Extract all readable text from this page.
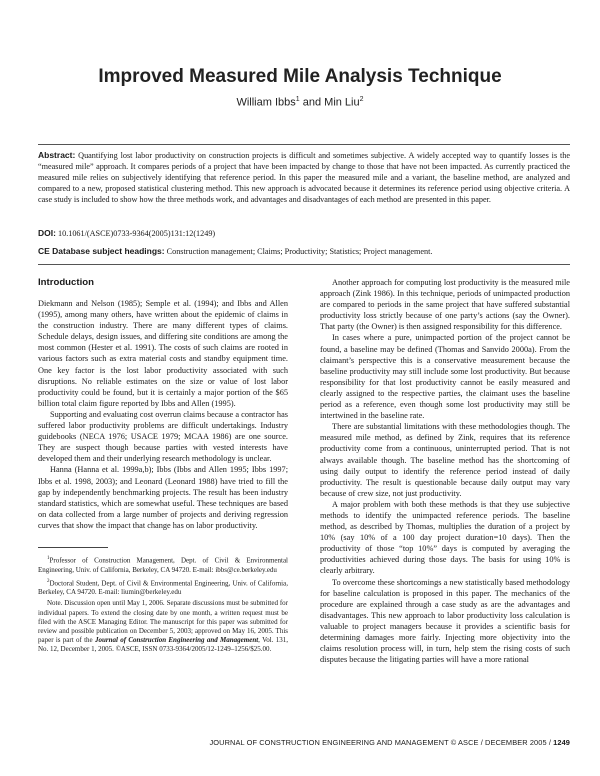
Improved Measured Mile Analysis Technique
William Ibbs$^1$ and Min Liu$^2$
Abstract: Quantifying lost labor productivity on construction projects is difficult and sometimes subjective. A widely accepted way to quantify losses is the “measured mile” approach. It compares periods of a project that have been impacted by change to those that have not been impacted. As currently practiced the measured mile relies on subjectively identifying that reference period. In this paper the measured mile and a variant, the baseline method, are analyzed and compared to a new, proposed statistical clustering method. This new approach is advocated because it determines its reference period using objective criteria. A case study is included to show how the three methods work, and advantages and disadvantages of each method are presented in this paper.
DOI: 10.1061/(ASCE)0733-9364(2005)131:12(1249)
CE Database subject headings: Construction management; Claims; Productivity; Statistics; Project management.
Introduction

Diekmann and Nelson (1985); Semple et al. (1994); and Ibbs and Allen (1995), among many others, have written about the epidemic of claims in the construction industry. There are many different types of claims. Schedule delays, design issues, and differing site conditions are among the most common (Hester et al. 1991). The costs of such claims are rooted in various factors such as extra material costs and standby equipment time. One key factor is the lost labor productivity associated with such disruptions. No reliable estimates on the size or value of lost labor productivity could be found, but it is certainly a major portion of the $65 billion total claim figure reported by Ibbs and Allen (1995).

Supporting and evaluating cost overrun claims because a contractor has suffered labor productivity problems are difficult undertakings. Industry guidebooks (NECA 1976; USACE 1979; MCAA 1986) are one source. They are suspect though because parties with vested interests have developed them and their underlying research methodology is unclear.

Hanna (Hanna et al. 1999a,b); Ibbs (Ibbs and Allen 1995; Ibbs 1997; Ibbs et al. 1998, 2003); and Leonard (Leonard 1988) have tried to fill the gap by independently benchmarking projects. The result has been industry standard statistics, which are somewhat useful. These techniques are based on data collected from a large number of projects and deriving regression curves that show the impact that change has on labor productivity.

$^1$Professor of Construction Management, Dept. of Civil & Environmental Engineering, Univ. of California, Berkeley, CA 94720. E-mail: ibbs@ce.berkeley.edu

$^2$Doctoral Student, Dept. of Civil & Environmental Engineering, Univ. of California, Berkeley, CA 94720. E-mail: liumin@berkeley.edu

Note. Discussion open until May 1, 2006. Separate discussions must be submitted for individual papers. To extend the closing date by one month, a written request must be filed with the ASCE Managing Editor. The manuscript for this paper was submitted for review and possible publication on December 5, 2003; approved on May 16, 2005. This paper is part of the Journal of Construction Engineering and Management, Vol. 131, No. 12, December 1, 2005. ©ASCE, ISSN 0733-9364/2005/12-1249–1256/$25.00.

Another approach for computing lost productivity is the measured mile approach (Zink 1986). In this technique, periods of unimpacted production are compared to periods in the same project that have suffered substantial productivity loss strictly because of one party’s actions (say the Owner). That party (the Owner) is then assigned responsibility for this difference.

In cases where a pure, unimpacted portion of the project cannot be found, a baseline may be defined (Thomas and Sanvido 2000a). From the claimant’s perspective this is a conservative measurement because the baseline productivity may still include some lost productivity. But because responsibility for that lost productivity cannot be easily measured and clearly assigned to the respective parties, the claimant uses the baseline period as a reference, even though some lost productivity may still be intertwined in the baseline rate.

There are substantial limitations with these methodologies though. The measured mile method, as defined by Zink, requires that its reference productivity come from a continuous, uninterrupted period. That is not always available though. The baseline method has the shortcoming of using daily output to identify the reference period instead of daily productivity. The result is questionable because daily output may vary because of crew size, not just productivity.

A major problem with both these methods is that they use subjective methods to identify the unimpacted reference periods. The baseline method, as described by Thomas, multiplies the duration of a project by 10% (say 10% of a 100 day project duration=10 days). Then the productivity of those “top 10%” days is computed by averaging the productivities achieved during those days. The basis for using 10% is clearly arbitrary.

To overcome these shortcomings a new statistically based methodology for baseline calculation is proposed in this paper. The mechanics of the procedure are explained through a case study as are the advantages and disadvantages. This new approach to labor productivity loss calculation is valuable to project managers because it provides a scientific basis for determining damages more fairly. Injecting more objectivity into the claims resolution process will, in turn, help stem the rising costs of such disputes because the litigating parties will have a more rational

JOURNAL OF CONSTRUCTION ENGINEERING AND MANAGEMENT © ASCE / DECEMBER 2005 / 1249
